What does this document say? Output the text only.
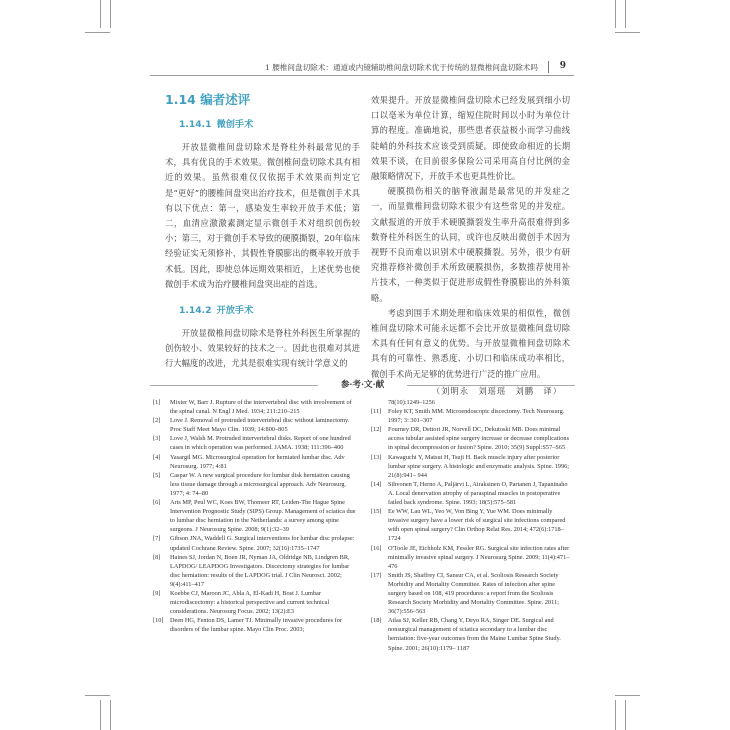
1 腰椎间盘切除术：通道或内镜辅助椎间盘切除术优于传统的显微椎间盘切除术吗 9
1.14 编者述评
1.14.1 微创手术

开放显微椎间盘切除术是脊柱外科最常见的手术，具有优良的手术效果。微创椎间盘切除术具有相近的效果。虽然很难仅仅依据手术效果而判定它是“更好”的腰椎间盘突出治疗技术，但是微创手术具有以下优点：第一，感染发生率较开放手术低；第二，血清应激激素测定显示微创手术对组织创伤较小；第三，对于微创手术导致的硬膜撕裂，20年临床经验证实无须修补，其假性脊膜膨出的概率较开放手术低。因此，即使总体远期效果相近，上述优势也使微创手术成为治疗腰椎间盘突出症的首选。

1.14.2 开放手术

开放显微椎间盘切除术是脊柱外科医生所掌握的创伤较小、效果较好的技术之一。因此也很难对其进行大幅度的改进，尤其是很难实现有统计学意义的

效果提升。开放显微椎间盘切除术已经发展到细小切口以毫米为单位计算，缩短住院时间以小时为单位计算的程度。准确地说，那些患者获益极小而学习曲线陡峭的外科技术应该受到质疑。即使致命相近的长期效果不谈，在目前很多保险公司采用高自付比例的金融策略情况下，开放手术也更具性价比。

硬膜损伤相关的脑脊液漏是最常见的并发症之一，而显微椎间盘切除术很少有这些常见的并发症。文献报道的开放手术硬膜撕裂发生率升高很难得到多数脊柱外科医生的认同，或许也反映出微创手术因为视野不良而难以识别术中硬膜撕裂。另外，很少有研究推荐修补微创手术所致硬膜损伤，多数推荐使用补片技术，一种类似于促进形成假性脊膜膨出的外科策略。

考虑到围手术期处理和临床效果的相似性，微创椎间盘切除术可能永远都不会比开放显微椎间盘切除术具有任何有意义的优势。与开放显微椎间盘切除术具有的可靠性、熟悉度、小切口和临床成功率相比，微创手术尚无足够的优势进行广泛的推广应用。

（刘明永　刘瑶瑶　刘鹏　译）
参·考·文·献
[1]	Mixter W, Barr J. Rupture of the intervertebral disc with involvement of the spinal canal. N Engl J Med. 1934; 211:210–215
[2]	Love J. Removal of protruded intervertebral disc without laminectomy. Proc Staff Meet Mayo Clin. 1939; 14:800–805
[3]	Love J, Walsh M. Protruded intervertebral disks. Report of one hundred cases in which operation was performed. JAMA. 1938; 111:396–400
[4]	Yasargil MG. Microsurgical operation for herniated lumbar disc. Adv Neurosurg. 1977; 4:81
[5]	Caspar W. A new surgical procedure for lumbar disk herniation causing less tissue damage through a microsurgical approach. Adv Neurosurg. 1977; 4: 74–80
[6]	Arts MP, Peul WC, Koes BW, Thomeer RT, Leiden-The Hague Spine Intervention Prognostic Study (SIPS) Group. Management of sciatica due to lumbar disc herniation in the Netherlands: a survey among spine surgeons. J Neurosurg Spine. 2008; 9(1):32–39
[7]	Gibson JNA, Waddell G. Surgical interventions for lumbar disc prolapse: updated Cochrane Review. Spine. 2007; 32(16):1735–1747
[8]	Haines SJ, Jordan N, Boen JR, Nyman JA, Oldridge NB, Lindgren BR, LAPDOG/ LEAPDOG Investigators. Discectomy strategies for lumbar disc herniation: results of the LAPDOG trial. J Clin Neurosci. 2002; 9(4):411–417
[9]	Koebbe CJ, Maroon JC, Abla A, El-Kadi H, Bost J. Lumbar microdiscectomy: a historical perspective and current technical considerations. Neurosurg Focus. 2002; 13(2):E3
[10]	Deen HG, Fenton DS, Lamer TJ. Minimally invasive procedures for disorders of the lumbar spine. Mayo Clin Proc. 2003;
78(10):1249–1256
[11]	Foley KT, Smith MM. Microendoscopic discectomy. Tech Neurosurg. 1997; 3: 301–307
[12]	Fourney DR, Dettori JR, Norvell DC, Dekutoski MB. Does minimal access tubular assisted spine surgery increase or decrease complications in spinal decompression or fusion? Spine. 2010; 35(9) Suppl:S57–S65
[13]	Kawaguchi Y, Matsui H, Tsuji H. Back muscle injury after posterior lumbar spine surgery. A histologic and enzymatic analysis. Spine. 1996; 21(8):941– 944
[14]	Sihvonen T, Herno A, Paljärvi L, Airaksinen O, Partanen J, Tapaninaho A. Local denervation atrophy of paraspinal muscles in postoperative failed back syndrome. Spine. 1993; 18(5):575–581
[15]	Ee WW, Lau WL, Yeo W, Von Bing Y, Yue WM. Does minimally invasive surgery have a lower risk of surgical site infections compared with open spinal surgery? Clin Orthop Relat Res. 2014; 472(6):1718–1724
[16]	O'Toole JE, Eichholz KM, Fessler RG. Surgical site infection rates after minimally invasive spinal surgery. J Neurosurg Spine. 2009; 11(4):471–476
[17]	Smith JS, Shaffrey CI, Sansur CA, et al. Scoliosis Research Society Morbidity and Mortality Committee. Rates of infection after spine surgery based on 108, 419 procedures: a report from the Scoliosis Research Society Morbidity and Mortality Committee. Spine. 2011; 36(7):556–563
[18]	Atlas SJ, Keller RB, Chang Y, Deyo RA, Singer DE. Surgical and nonsurgical management of sciatica secondary to a lumbar disc herniation: five-year outcomes from the Maine Lumbar Spine Study. Spine. 2001; 26(10):1179– 1187
